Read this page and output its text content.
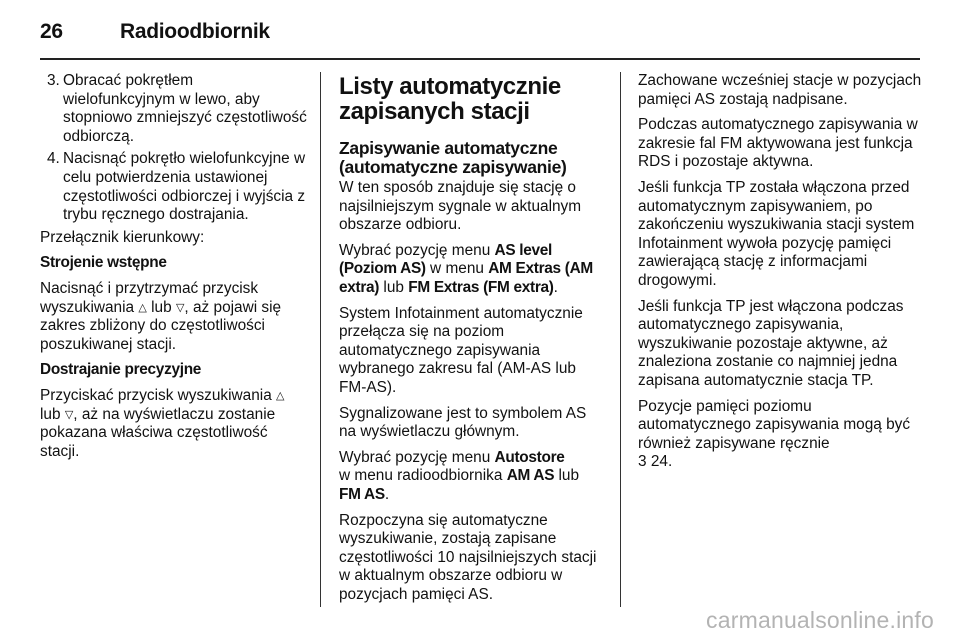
26	Radioodbiornik
3. Obracać pokrętłem wielofunkcyjnym w lewo, aby stopniowo zmniejszyć częstotliwość odbiorczą.
4. Nacisnąć pokrętło wielofunkcyjne w celu potwierdzenia ustawionej częstotliwości odbiorczej i wyjścia z trybu ręcznego dostrajania.

Przełącznik kierunkowy:

Strojenie wstępne

Nacisnąć i przytrzymać przycisk wyszukiwania △ lub ▽, aż pojawi się zakres zbliżony do częstotliwości poszukiwanej stacji.

Dostrajanie precyzyjne

Przyciskać przycisk wyszukiwania △ lub ▽, aż na wyświetlaczu zostanie pokazana właściwa częstotliwość stacji.

Listy automatycznie zapisanych stacji
Zapisywanie automatyczne (automatyczne zapisywanie)

W ten sposób znajduje się stację o najsilniejszym sygnale w aktualnym obszarze odbioru.

Wybrać pozycję menu AS level (Poziom AS) w menu AM Extras (AM extra) lub FM Extras (FM extra).

System Infotainment automatycznie przełącza się na poziom automatycznego zapisywania wybranego zakresu fal (AM-AS lub FM-AS).

Sygnalizowane jest to symbolem AS na wyświetlaczu głównym.

Wybrać pozycję menu Autostore
w menu radioodbiornika AM AS lub
FM AS.

Rozpoczyna się automatyczne wyszukiwanie, zostają zapisane częstotliwości 10 najsilniejszych stacji w aktualnym obszarze odbioru w pozycjach pamięci AS.

Zachowane wcześniej stacje w pozycjach pamięci AS zostają nadpisane.

Podczas automatycznego zapisywania w zakresie fal FM aktywowana jest funkcja RDS i pozostaje aktywna.

Jeśli funkcja TP została włączona przed automatycznym zapisywaniem, po zakończeniu wyszukiwania stacji system Infotainment wywoła pozycję pamięci zawierającą stację z informacjami drogowymi.

Jeśli funkcja TP jest włączona podczas automatycznego zapisywania, wyszukiwanie pozostaje aktywne, aż znaleziona zostanie co najmniej jedna zapisana automatycznie stacja TP.

Pozycje pamięci poziomu automatycznego zapisywania mogą być również zapisywane ręcznie
3 24.

carmanualsonline.info
